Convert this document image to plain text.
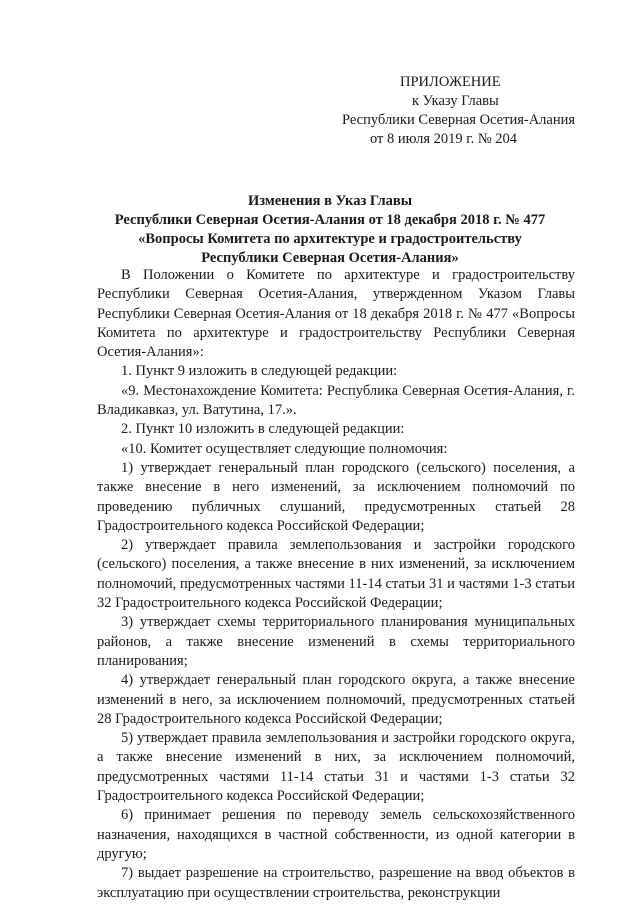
ПРИЛОЖЕНИЕ
к Указу Главы
Республики Северная Осетия-Алания
от 8 июля 2019 г. № 204
Изменения в Указ Главы
Республики Северная Осетия-Алания от 18 декабря 2018 г. № 477
«Вопросы Комитета по архитектуре и градостроительству
Республики Северная Осетия-Алания»

В Положении о Комитете по архитектуре и градостроительству Республики Северная Осетия-Алания, утвержденном Указом Главы Республики Северная Осетия-Алания от 18 декабря 2018 г. № 477 «Вопросы Комитета по архитектуре и градостроительству Республики Северная Осетия-Алания»:

1. Пункт 9 изложить в следующей редакции:

«9. Местонахождение Комитета: Республика Северная Осетия-Алания, г. Владикавказ, ул. Ватутина, 17.».

2. Пункт 10 изложить в следующей редакции:

«10. Комитет осуществляет следующие полномочия:

1) утверждает генеральный план городского (сельского) поселения, а также внесение в него изменений, за исключением полномочий по проведению публичных слушаний, предусмотренных статьей 28 Градостроительного кодекса Российской Федерации;

2) утверждает правила землепользования и застройки городского (сельского) поселения, а также внесение в них изменений, за исключением полномочий, предусмотренных частями 11-14 статьи 31 и частями 1-3 статьи 32 Градостроительного кодекса Российской Федерации;

3) утверждает схемы территориального планирования муниципальных районов, а также внесение изменений в схемы территориального планирования;

4) утверждает генеральный план городского округа, а также внесение изменений в него, за исключением полномочий, предусмотренных статьей 28 Градостроительного кодекса Российской Федерации;

5) утверждает правила землепользования и застройки городского округа, а также внесение изменений в них, за исключением полномочий, предусмотренных частями 11-14 статьи 31 и частями 1-3 статьи 32 Градостроительного кодекса Российской Федерации;

6) принимает решения по переводу земель сельскохозяйственного назначения, находящихся в частной собственности, из одной категории в другую;

7) выдает разрешение на строительство, разрешение на ввод объектов в эксплуатацию при осуществлении строительства, реконструкции
